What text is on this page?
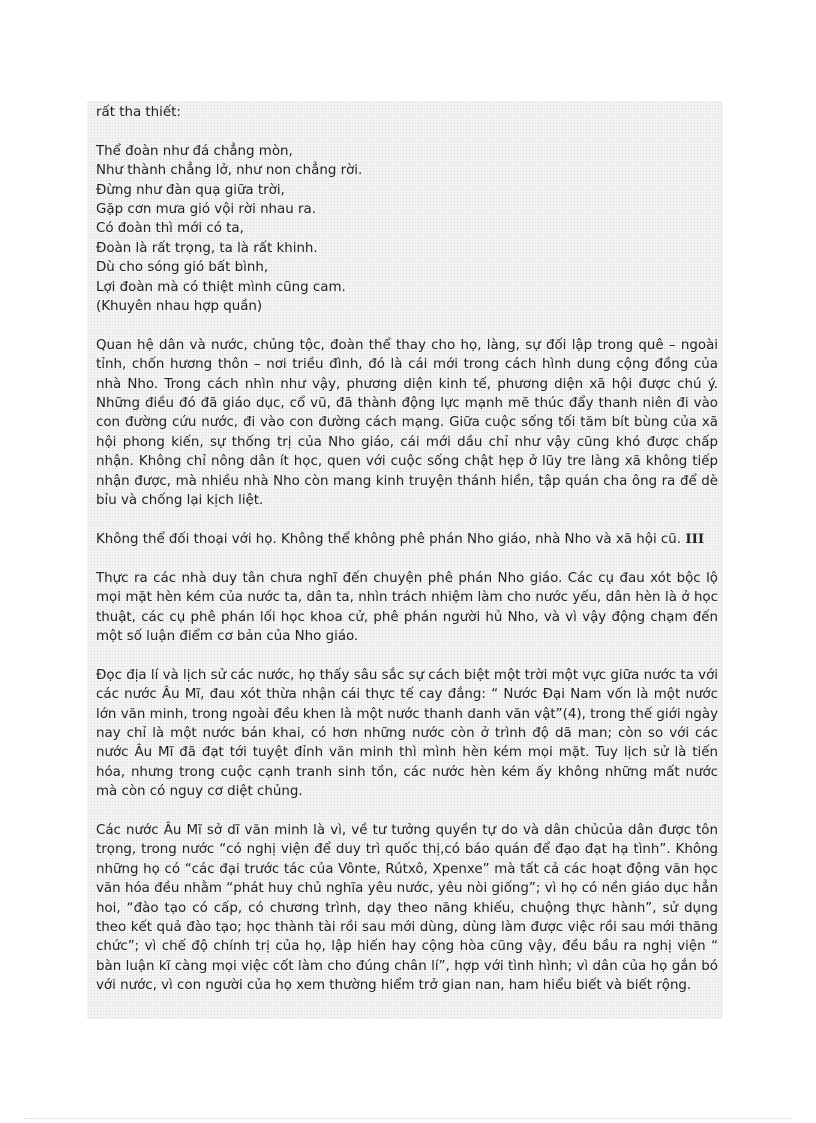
rất tha thiết:

Thể đoàn như đá chẳng mòn,
Như thành chẳng lở, như non chẳng rời.
Đừng như đàn quạ giữa trời,
Gặp cơn mưa gió vội rời nhau ra.
Có đoàn thì mới có ta,
Đoàn là rất trọng, ta là rất khinh.
Dù cho sóng gió bất bình,
Lợi đoàn mà có thiệt mình cũng cam.
(Khuyên nhau hợp quần)

Quan hệ dân và nước, chủng tộc, đoàn thể thay cho họ, làng, sự đối lập trong quê – ngoài tỉnh, chốn hương thôn – nơi triều đình, đó là cái mới trong cách hình dung cộng đồng của nhà Nho. Trong cách nhìn như vậy, phương diện kinh tế, phương diện xã hội được chú ý. Những điều đó đã giáo dục, cổ vũ, đã thành động lực mạnh mẽ thúc đẩy thanh niên đi vào con đường cứu nước, đi vào con đường cách mạng. Giữa cuộc sống tối tăm bít bùng của xã hội phong kiến, sự thống trị của Nho giáo, cái mới dầu chỉ như vậy cũng khó được chấp nhận. Không chỉ nông dân ít học, quen với cuộc sống chật hẹp ở lũy tre làng xã không tiếp nhận được, mà nhiều nhà Nho còn mang kinh truyện thánh hiền, tập quán cha ông ra để dè bỉu và chống lại kịch liệt.

Không thể đối thoại với họ. Không thể không phê phán Nho giáo, nhà Nho và xã hội cũ. III

Thực ra các nhà duy tân chưa nghĩ đến chuyện phê phán Nho giáo. Các cụ đau xót bộc lộ mọi mặt hèn kém của nước ta, dân ta, nhìn trách nhiệm làm cho nước yếu, dân hèn là ở học thuật, các cụ phê phán lối học khoa cử, phê phán người hủ Nho, và vì vậy động chạm đến một số luận điểm cơ bản của Nho giáo.

Đọc địa lí và lịch sử các nước, họ thấy sâu sắc sự cách biệt một trời một vực giữa nước ta với các nước Âu Mĩ, đau xót thừa nhận cái thực tế cay đắng: “ Nước Đại Nam vốn là một nước lớn văn minh, trong ngoài đều khen là một nước thanh danh văn vật”(4), trong thế giới ngày nay chỉ là một nước bán khai, có hơn những nước còn ở trình độ dã man; còn so với các nước Âu Mĩ đã đạt tới tuyệt đỉnh văn minh thì mình hèn kém mọi mặt. Tuy lịch sử là tiến hóa, nhưng trong cuộc cạnh tranh sinh tồn, các nước hèn kém ấy không những mất nước mà còn có nguy cơ diệt chủng.

Các nước Âu Mĩ sở dĩ văn minh là vì, về tư tưởng quyền tự do và dân chủcủa dân được tôn trọng, trong nước “có nghị viện để duy trì quốc thị,có báo quán để đạo đạt hạ tình”. Không những họ có “các đại trước tác của Vônte, Rútxô, Xpenxe” mà tất cả các hoạt động văn học văn hóa đều nhằm “phát huy chủ nghĩa yêu nước, yêu nòi giống”; vì họ có nền giáo dục hẳn hoi, “đào tạo có cấp, có chương trình, dạy theo năng khiếu, chuộng thực hành”, sử dụng theo kết quả đào tạo; học thành tài rồi sau mới dùng, dùng làm được việc rồi sau mới thăng chức”; vì chế độ chính trị của họ, lập hiến hay cộng hòa cũng vậy, đều bầu ra nghị viện “ bàn luận kĩ càng mọi việc cốt làm cho đúng chân lí”, hợp với tình hình; vì dân của họ gắn bó với nước, vì con người của họ xem thường hiểm trở gian nan, ham hiểu biết và biết rộng.
